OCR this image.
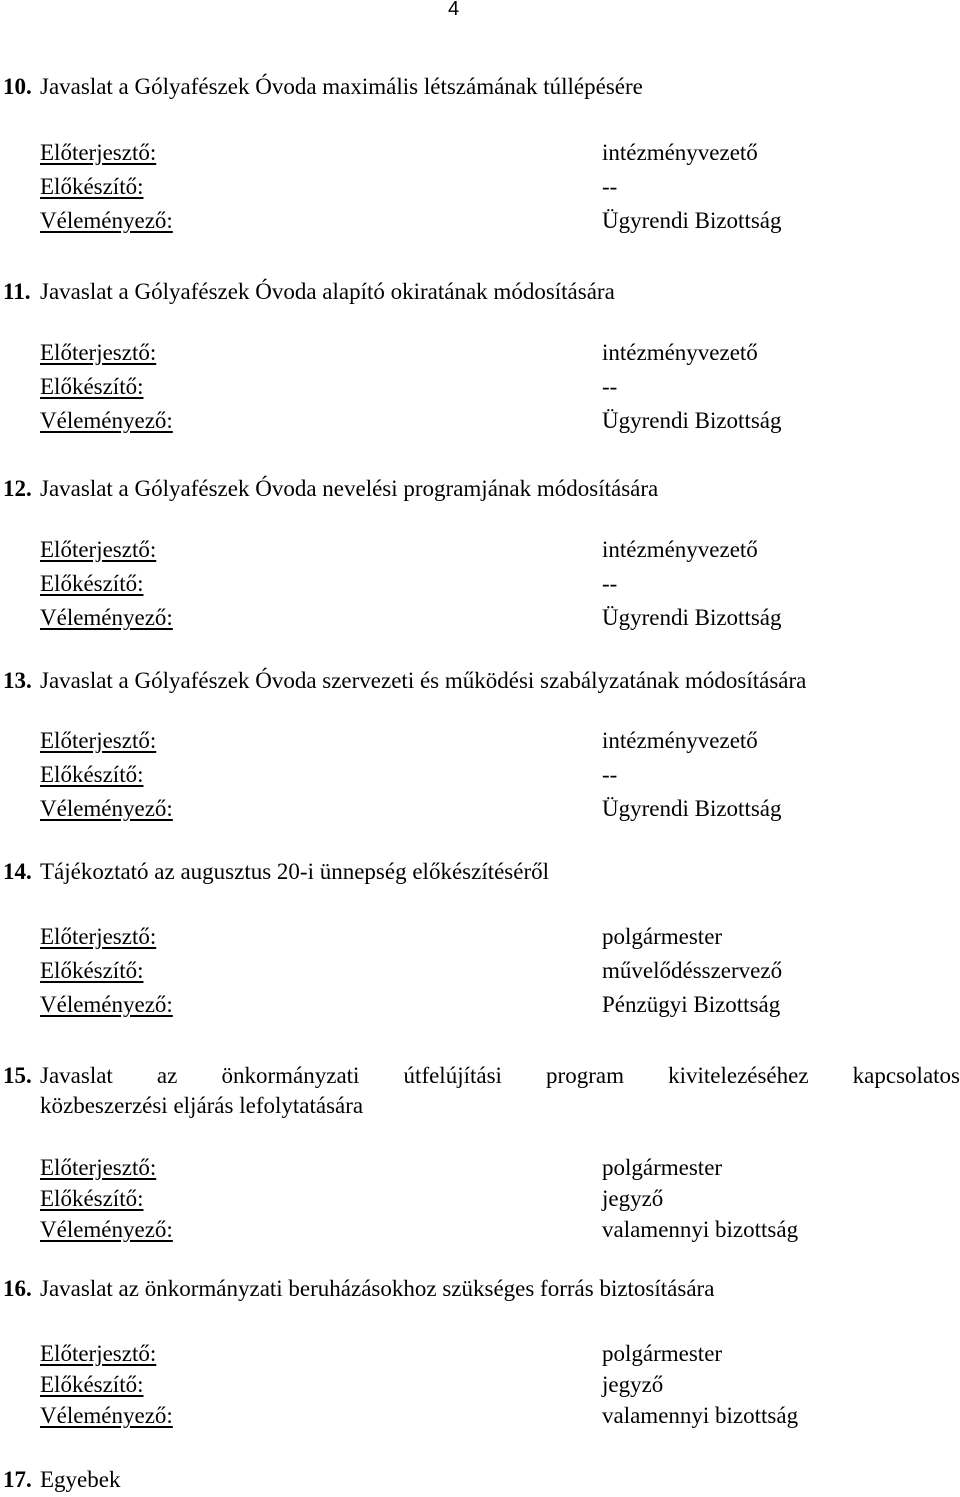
4
10. Javaslat a Gólyafészek Óvoda maximális létszámának túllépésére
Előterjesztő:	intézményvezető
Előkészítő:	--
Véleményező:	Ügyrendi Bizottság
11. Javaslat a Gólyafészek Óvoda alapító okiratának módosítására
Előterjesztő:	intézményvezető
Előkészítő:	--
Véleményező:	Ügyrendi Bizottság
12. Javaslat a Gólyafészek Óvoda nevelési programjának módosítására
Előterjesztő:	intézményvezető
Előkészítő:	--
Véleményező:	Ügyrendi Bizottság
13. Javaslat a Gólyafészek Óvoda szervezeti és működési szabályzatának módosítására
Előterjesztő:	intézményvezető
Előkészítő:	--
Véleményező:	Ügyrendi Bizottság
14. Tájékoztató az augusztus 20-i ünnepség előkészítéséről
Előterjesztő:	polgármester
Előkészítő:	művelődésszervező
Véleményező:	Pénzügyi Bizottság
15. Javaslat az önkormányzati útfelújítási program kivitelezéséhez kapcsolatos
közbeszerzési eljárás lefolytatására
Előterjesztő:	polgármester
Előkészítő:	jegyző
Véleményező:	valamennyi bizottság
16. Javaslat az önkormányzati beruházásokhoz szükséges forrás biztosítására
Előterjesztő:	polgármester
Előkészítő:	jegyző
Véleményező:	valamennyi bizottság
17. Egyebek
